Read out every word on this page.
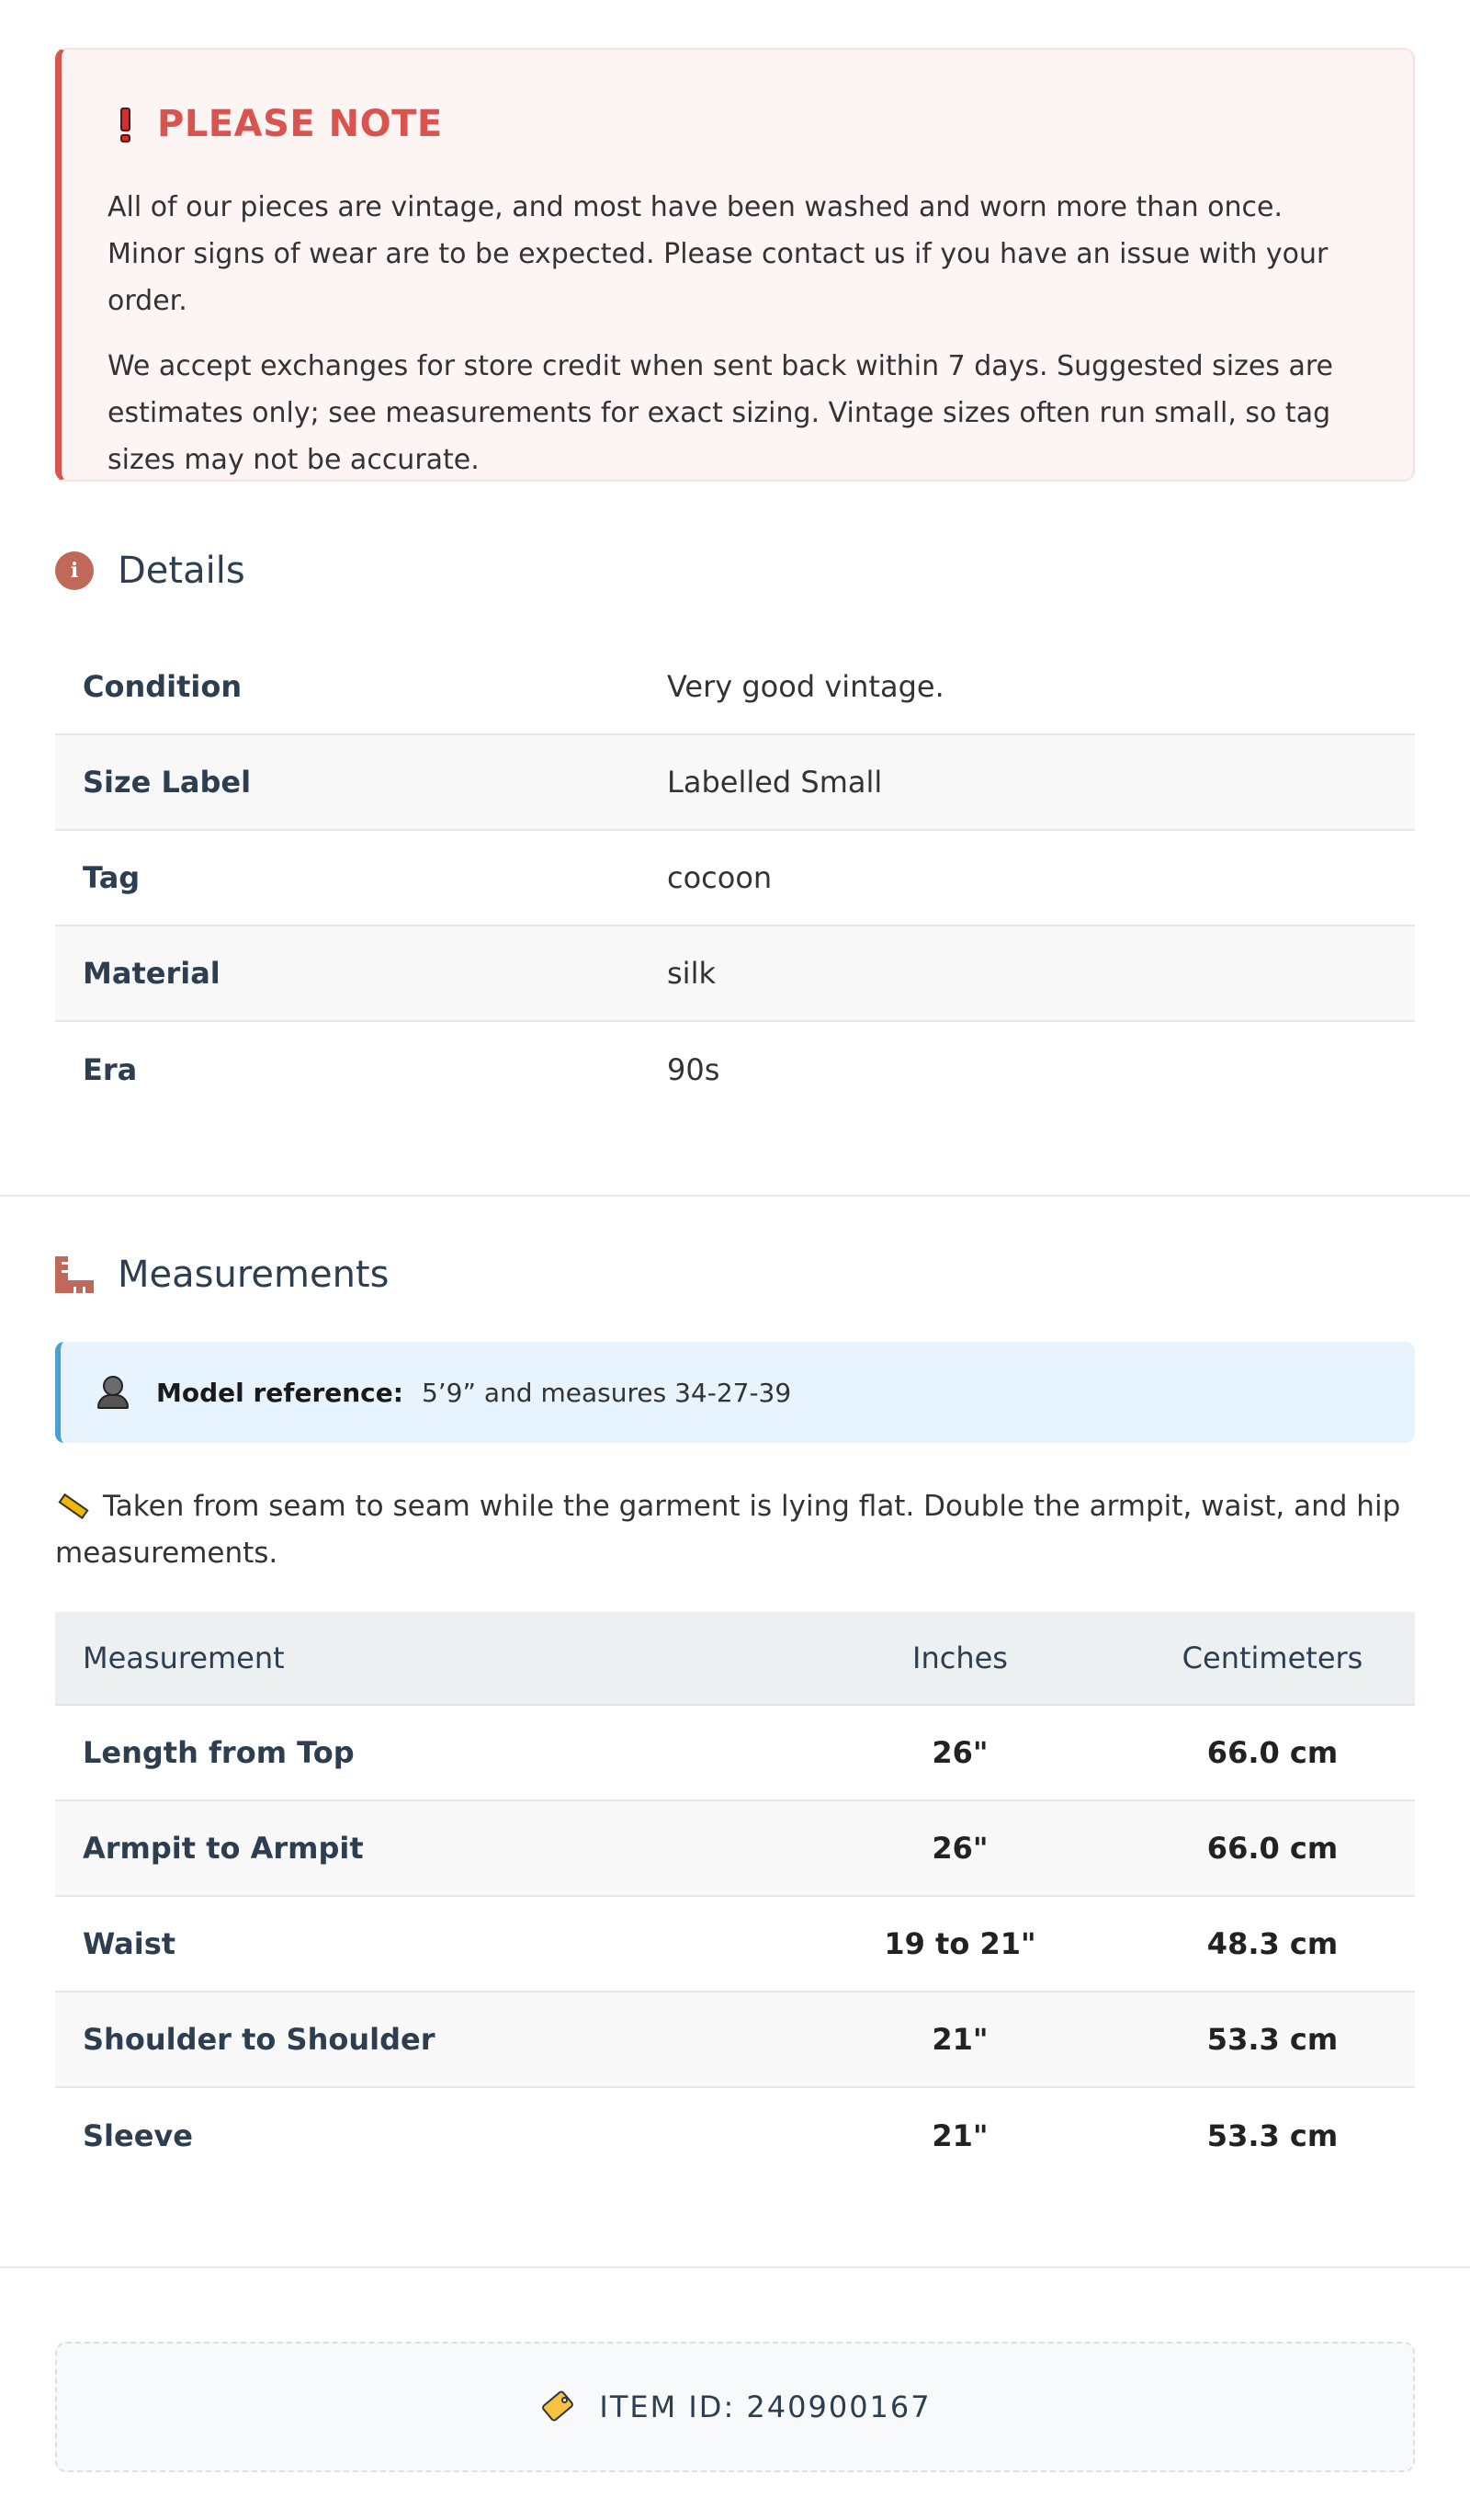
PLEASE NOTE

All of our pieces are vintage, and most have been washed and worn more than once. Minor signs of wear are to be expected. Please contact us if you have an issue with your order.

We accept exchanges for store credit when sent back within 7 days. Suggested sizes are estimates only; see measurements for exact sizing. Vintage sizes often run small, so tag sizes may not be accurate.

i	Details
Condition	Very good vintage.
Size Label	Labelled Small
Tag	cocoon
Material	silk
Era	90s
Measurements
Model reference: 5’9” and measures 34-27-39
Taken from seam to seam while the garment is lying flat. Double the armpit, waist, and hip measurements.
Measurement	Inches	Centimeters
Length from Top	26"	66.0 cm
Armpit to Armpit	26"	66.0 cm
Waist	19 to 21"	48.3 cm
Shoulder to Shoulder	21"	53.3 cm
Sleeve	21"	53.3 cm
ITEM ID: 240900167
